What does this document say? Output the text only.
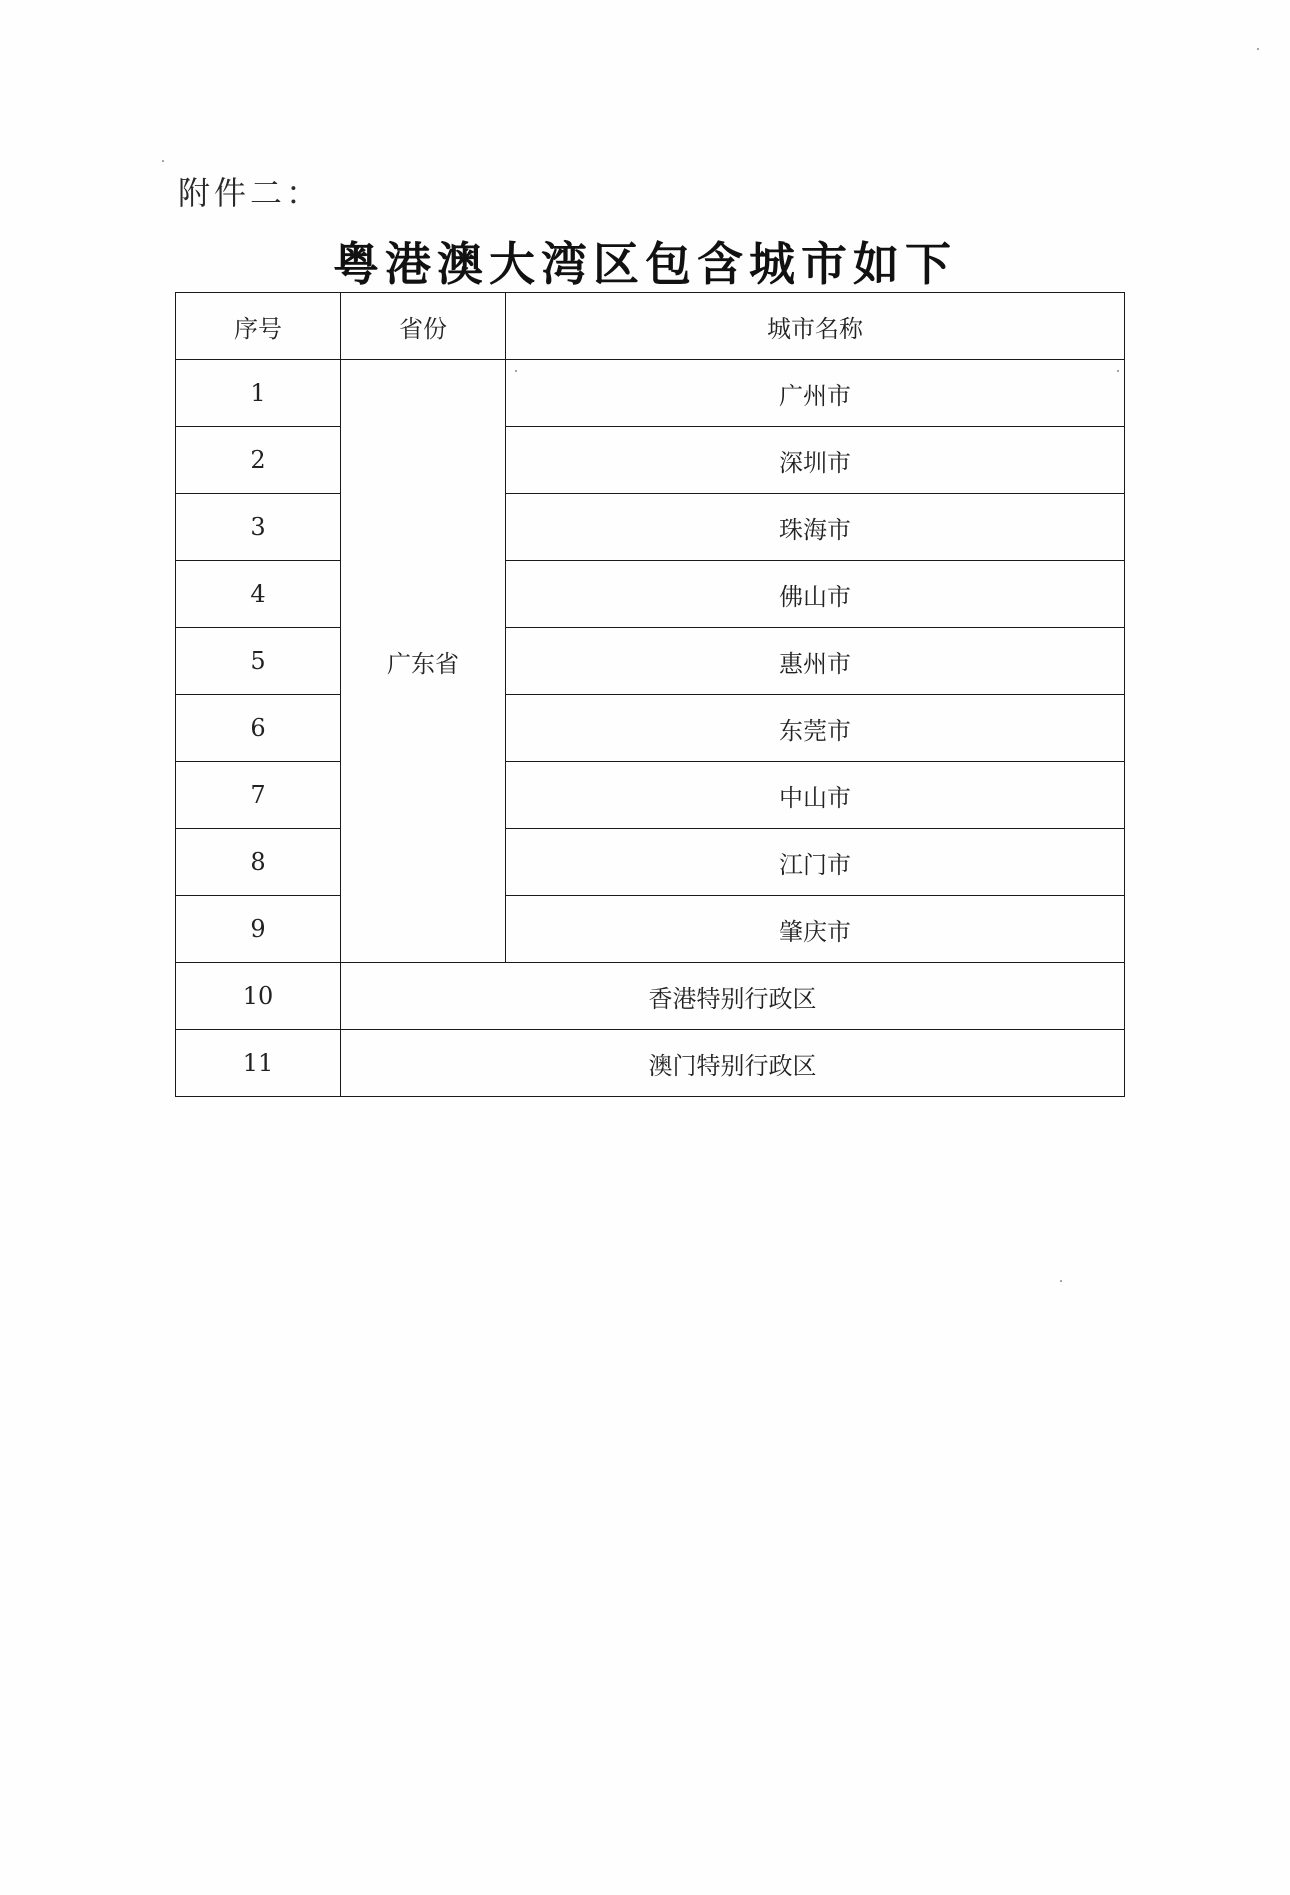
附件二：
粤港澳大湾区包含城市如下
序号	省份	城市名称
1	广东省	广州市
2		深圳市
3		珠海市
4		佛山市
5		惠州市
6		东莞市
7		中山市
8		江门市
9		肇庆市
10	香港特别行政区	
11	澳门特别行政区	
